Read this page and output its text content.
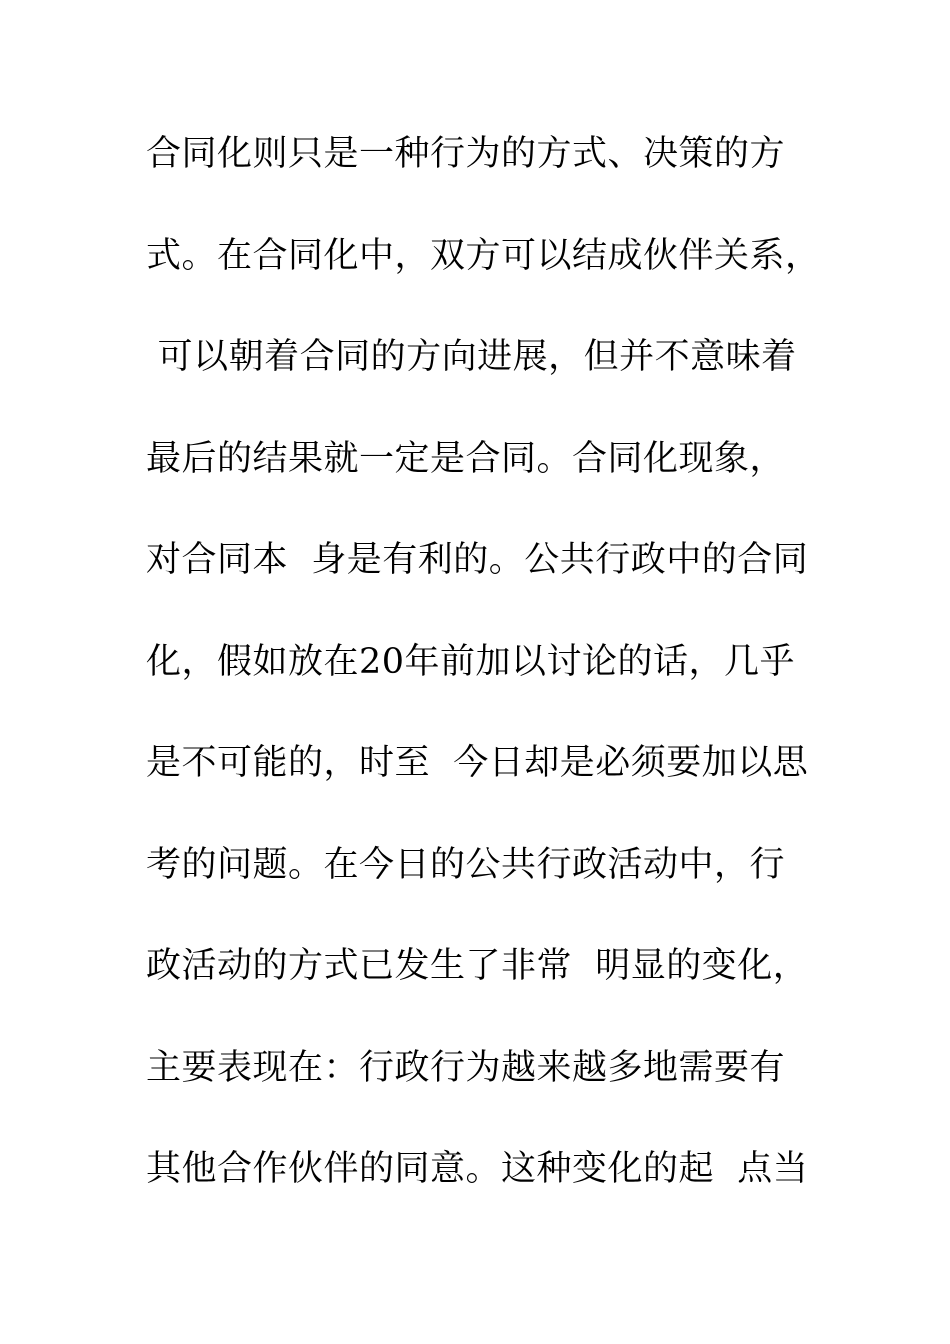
合同化则只是一种行为的方式、决策的方
式。在合同化中，双方可以结成伙伴关系，
可以朝着合同的方向进展，但并不意味着
最后的结果就一定是合同。合同化现象，
对合同本  身是有利的。公共行政中的合同
化，假如放在20年前加以讨论的话，几乎
是不可能的，时至  今日却是必须要加以思
考的问题。在今日的公共行政活动中，行
政活动的方式已发生了非常  明显的变化，
主要表现在：行政行为越来越多地需要有
其他合作伙伴的同意。这种变化的起  点当
